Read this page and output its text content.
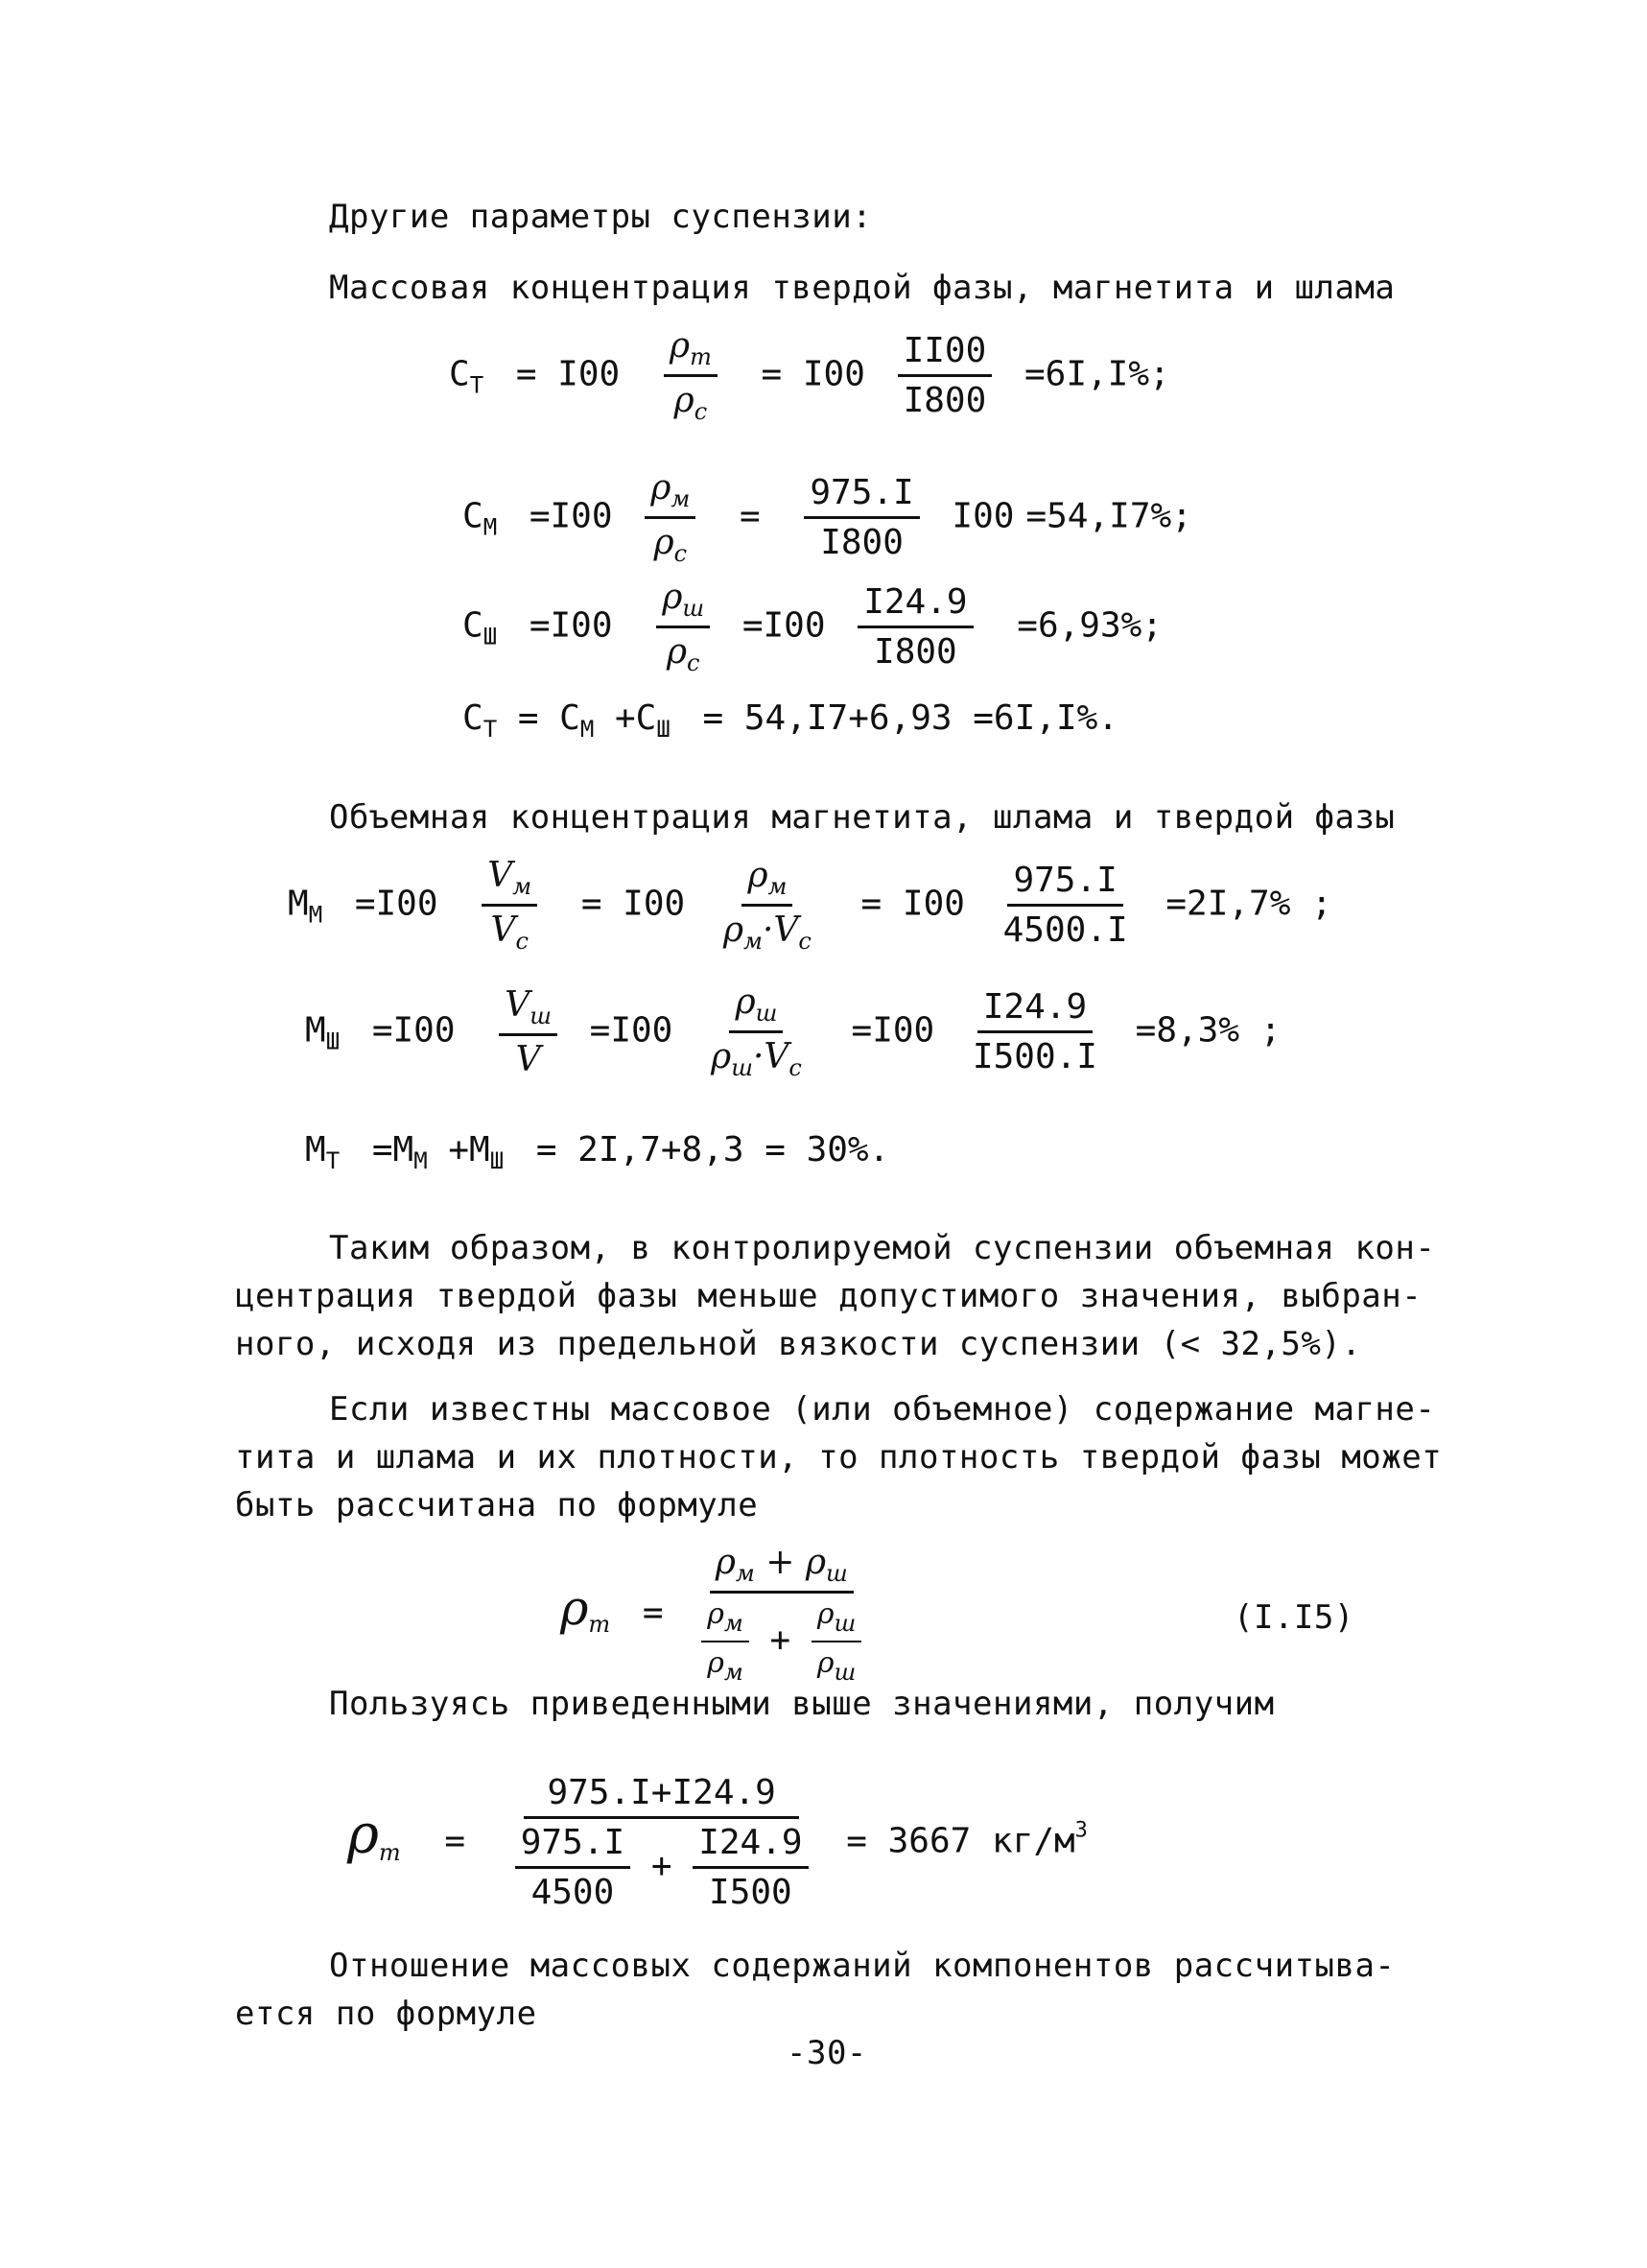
Другие параметры суспензии:
Массовая концентрация твердой фазы, магнетита и шлама
$C_Т = I00 \frac{\rho_т}{\rho_с} = I00 \frac{II00}{I800} =6I,I\%$;
$C_М =I00 \frac{\rho_м}{\rho_с} = \frac{975.I}{I800} I00 =54,I7\%$;
$C_Ш =I00 \frac{\rho_ш}{\rho_с} =I00 \frac{I24.9}{I800} =6,93\%$;
$C_Т = C_М +C_Ш = 54,I7+6,93 =6I,I\%$.
Объемная концентрация магнетита, шлама и твердой фазы
$M_М =I00 \frac{V_м}{V_c} = I00 \frac{\rho_м}{\rho_м\cdot V_c} = I00 \frac{975.I}{4500.I} =2I,7\%$ ;
$M_Ш =I00 \frac{V_ш}{V} =I00 \frac{\rho_ш}{\rho_ш\cdot V_c} =I00 \frac{I24.9}{I500.I} =8,3\%$ ;
$M_Т =M_М +M_Ш = 2I,7+8,3 = 30\%$.
Таким образом, в контролируемой суспензии объемная кон-
центрация твердой фазы меньше допустимого значения, выбран-
ного, исходя из предельной вязкости суспензии (< 32,5%).
Если известны массовое (или объемное) содержание магне-
тита и шлама и их плотности, то плотность твердой фазы может
быть рассчитана по формуле
$\rho_т$ =
$\rho_м + \rho_ш$
$\frac{\rho_м}{\rho_м} + \frac{\rho_ш}{\rho_ш}$	(I.I5)
Пользуясь приведенными выше значениями, получим
$\rho_т$ =
975.I+I24.9
$\frac{975.I}{4500} + \frac{I24.9}{I500} = 3667$ $кг/м^3$
Отношение массовых содержаний компонентов рассчитыва-
ется по формуле
-30-
